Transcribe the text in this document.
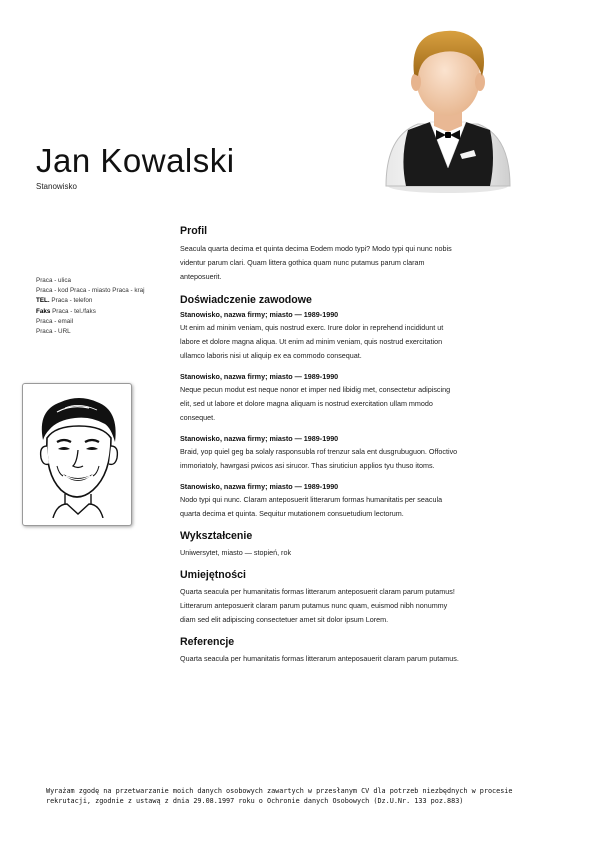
Jan Kowalski
Stanowisko
Praca - ulica
Praca - kod Praca - miasto Praca - kraj
TEL. Praca - telefon
Faks Praca - tel./faks
Praca - email
Praca - URL
Profil

Seacula quarta decima et quinta decima Eodem modo typi? Modo typi qui nunc nobis

videntur parum clari. Quam littera gothica quam nunc putamus parum claram

anteposuerit.

Doświadczenie zawodowe

Stanowisko, nazwa firmy; miasto — 1989-1990

Ut enim ad minim veniam, quis nostrud exerc. Irure dolor in reprehend incididunt ut

labore et dolore magna aliqua. Ut enim ad minim veniam, quis nostrud exercitation

ullamco laboris nisi ut aliquip ex ea commodo consequat.

Stanowisko, nazwa firmy; miasto — 1989-1990

Neque pecun modut est neque nonor et imper ned libidig met, consectetur adipiscing

elit, sed ut labore et dolore magna aliquam is nostrud exercitation ullam mmodo

consequet.

Stanowisko, nazwa firmy; miasto — 1989-1990

Braid, yop quiel geg ba solaly rasponsubla rof trenzur sala ent dusgrubuguon. Offoctivo

immoriatoly, hawrgasi pwicos asi sirucor. Thas siruticiun applios tyu thuso itoms.

Stanowisko, nazwa firmy; miasto — 1989-1990

Nodo typi qui nunc. Claram anteposuerit litterarum formas humanitatis per seacula

quarta decima et quinta. Sequitur mutationem consuetudium lectorum.

Wykształcenie

Uniwersytet, miasto — stopień, rok

Umiejętności

Quarta seacula per humanitatis formas litterarum anteposuerit claram parum putamus!

Litterarum anteposuerit claram parum putamus nunc quam, euismod nibh nonummy

diam sed elit adipiscing consectetuer amet sit dolor ipsum Lorem.

Referencje

Quarta seacula per humanitatis formas litterarum anteposauerit claram parum putamus.

Wyrażam zgodę na przetwarzanie moich danych osobowych zawartych w przesłanym CV dla potrzeb niezbędnych w procesie
rekrutacji, zgodnie z ustawą z dnia 29.08.1997 roku o Ochronie danych Osobowych (Dz.U.Nr. 133 poz.883)
